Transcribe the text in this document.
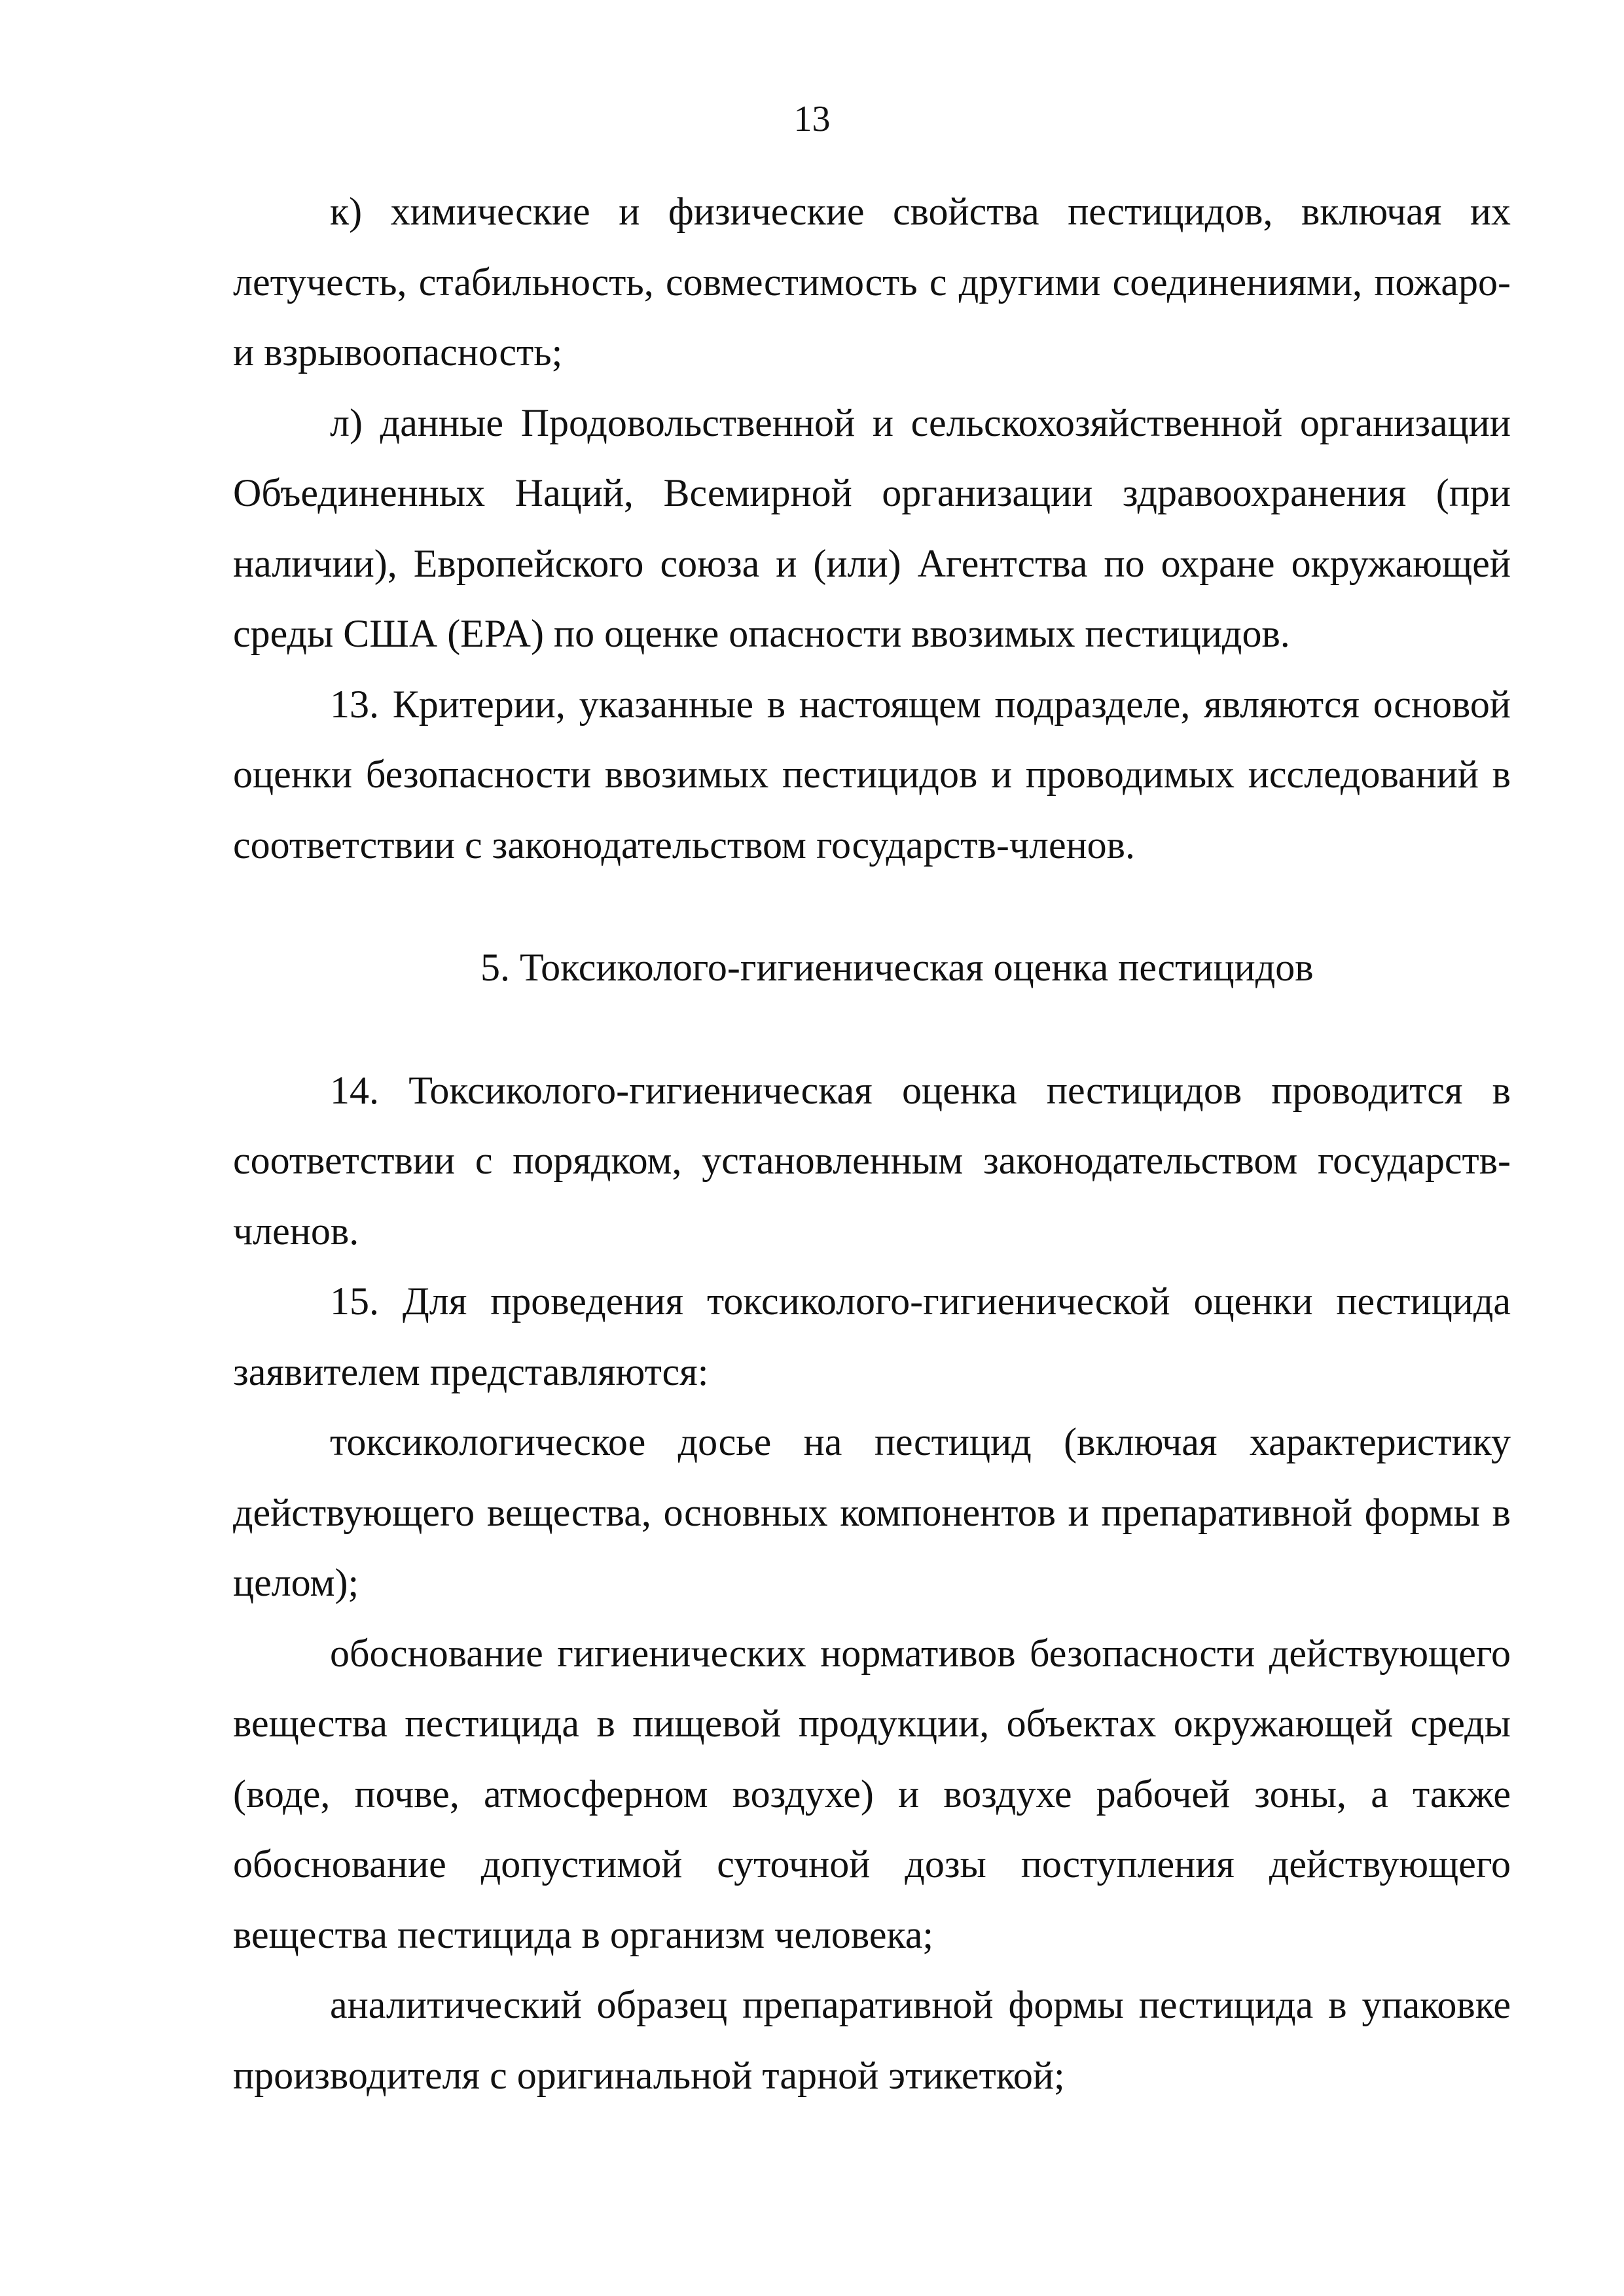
13

к) химические и физические свойства пестицидов, включая их летучесть, стабильность, совместимость с другими соединениями, пожаро- и взрывоопасность;

л) данные Продовольственной и сельскохозяйственной организации Объединенных Наций, Всемирной организации здравоохранения (при наличии), Европейского союза и (или) Агентства по охране окружающей среды США (EPA) по оценке опасности ввозимых пестицидов.

13. Критерии, указанные в настоящем подразделе, являются основой оценки безопасности ввозимых пестицидов и проводимых исследований в соответствии с законодательством государств-членов.

5. Токсиколого-гигиеническая оценка пестицидов

14. Токсиколого-гигиеническая оценка пестицидов проводится в соответствии с порядком, установленным законодательством государств-членов.

15. Для проведения токсиколого-гигиенической оценки пестицида заявителем представляются:

токсикологическое досье на пестицид (включая характеристику действующего вещества, основных компонентов и препаративной формы в целом);

обоснование гигиенических нормативов безопасности действующего вещества пестицида в пищевой продукции, объектах окружающей среды (воде, почве, атмосферном воздухе) и воздухе рабочей зоны, а также обоснование допустимой суточной дозы поступления действующего вещества пестицида в организм человека;

аналитический образец препаративной формы пестицида в упаковке производителя с оригинальной тарной этикеткой;
